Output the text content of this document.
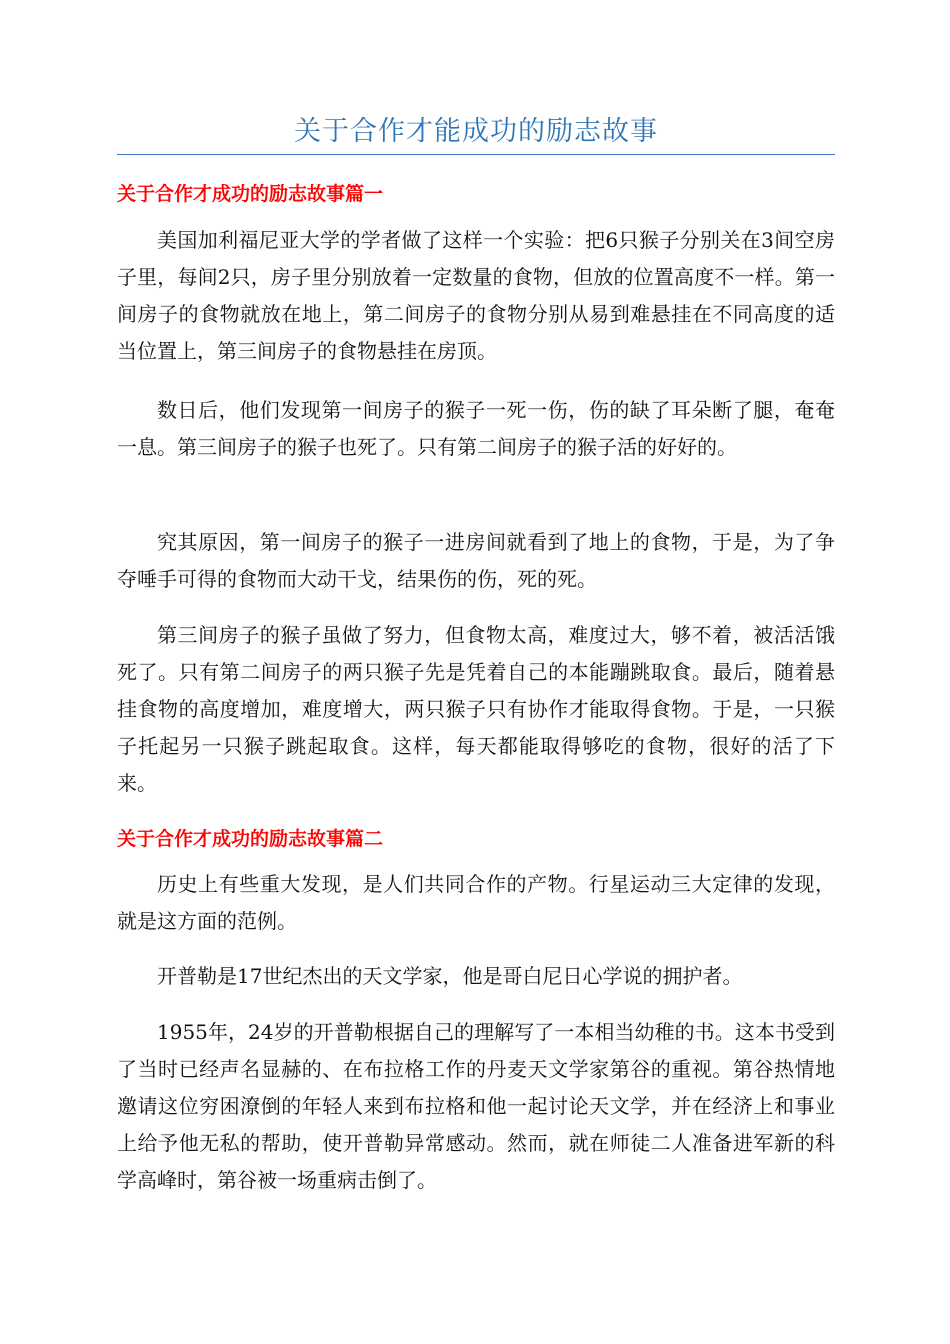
关于合作才能成功的励志故事
关于合作才成功的励志故事篇一

美国加利福尼亚大学的学者做了这样一个实验：把6只猴子分别关在3间空房子里，每间2只，房子里分别放着一定数量的食物，但放的位置高度不一样。第一间房子的食物就放在地上，第二间房子的食物分别从易到难悬挂在不同高度的适当位置上，第三间房子的食物悬挂在房顶。

数日后，他们发现第一间房子的猴子一死一伤，伤的缺了耳朵断了腿，奄奄一息。第三间房子的猴子也死了。只有第二间房子的猴子活的好好的。

究其原因，第一间房子的猴子一进房间就看到了地上的食物，于是，为了争夺唾手可得的食物而大动干戈，结果伤的伤，死的死。

第三间房子的猴子虽做了努力，但食物太高，难度过大，够不着，被活活饿死了。只有第二间房子的两只猴子先是凭着自己的本能蹦跳取食。最后，随着悬挂食物的高度增加，难度增大，两只猴子只有协作才能取得食物。于是，一只猴子托起另一只猴子跳起取食。这样，每天都能取得够吃的食物，很好的活了下来。

关于合作才成功的励志故事篇二

历史上有些重大发现，是人们共同合作的产物。行星运动三大定律的发现，就是这方面的范例。

开普勒是17世纪杰出的天文学家，他是哥白尼日心学说的拥护者。

1955年，24岁的开普勒根据自己的理解写了一本相当幼稚的书。这本书受到了当时已经声名显赫的、在布拉格工作的丹麦天文学家第谷的重视。第谷热情地邀请这位穷困潦倒的年轻人来到布拉格和他一起讨论天文学，并在经济上和事业上给予他无私的帮助，使开普勒异常感动。然而，就在师徒二人准备进军新的科学高峰时，第谷被一场重病击倒了。
